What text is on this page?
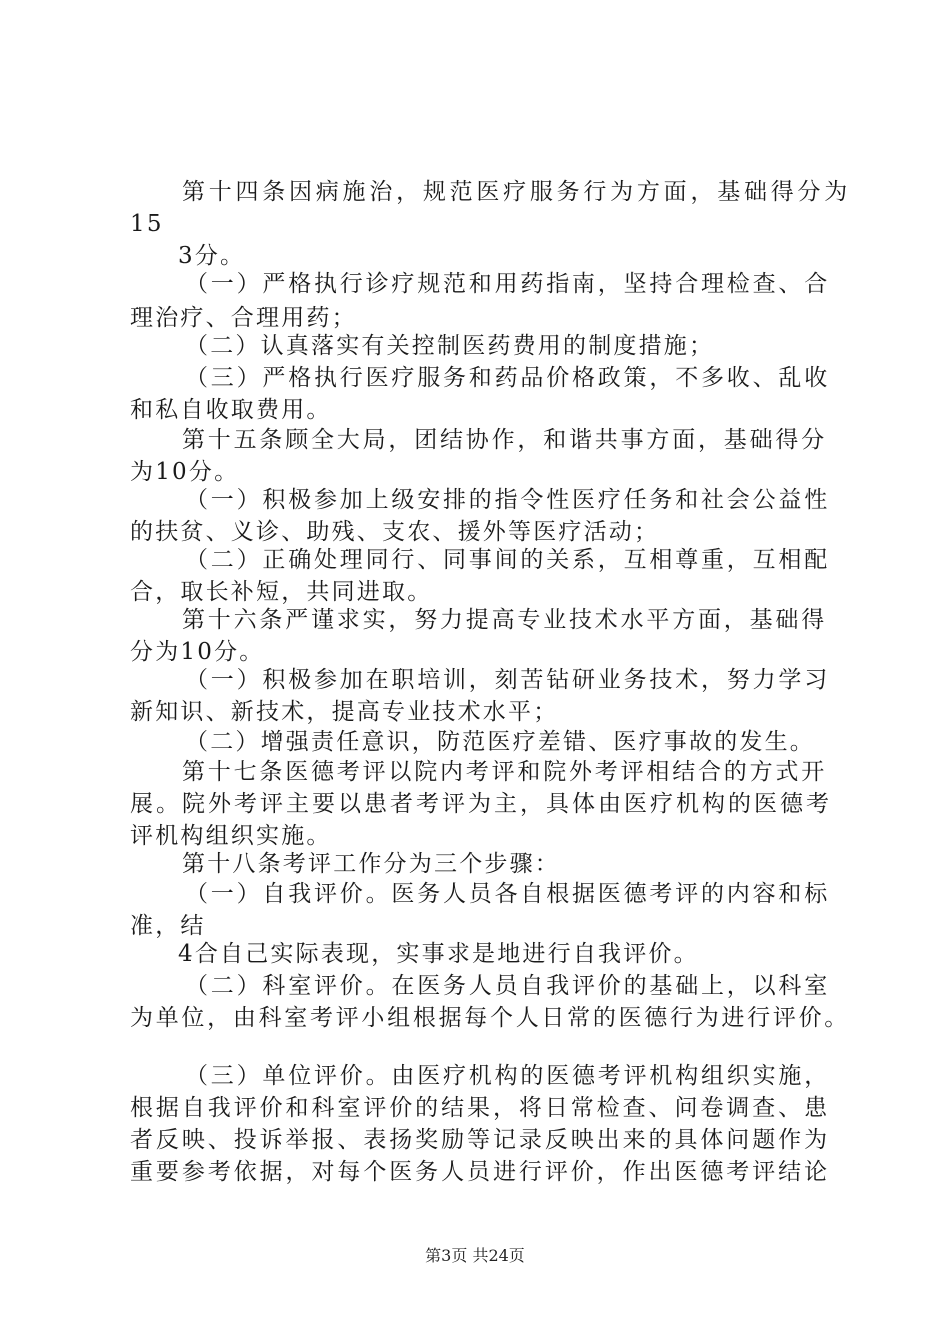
第十四条因病施治，规范医疗服务行为方面，基础得分为
15
3分。
（一）严格执行诊疗规范和用药指南，坚持合理检查、合
理治疗、合理用药；
（二）认真落实有关控制医药费用的制度措施；
（三）严格执行医疗服务和药品价格政策，不多收、乱收
和私自收取费用。
第十五条顾全大局，团结协作，和谐共事方面，基础得分
为10分。
（一）积极参加上级安排的指令性医疗任务和社会公益性
的扶贫、义诊、助残、支农、援外等医疗活动；
（二）正确处理同行、同事间的关系，互相尊重，互相配
合，取长补短，共同进取。
第十六条严谨求实，努力提高专业技术水平方面，基础得
分为10分。
（一）积极参加在职培训，刻苦钻研业务技术，努力学习
新知识、新技术，提高专业技术水平；
（二）增强责任意识，防范医疗差错、医疗事故的发生。
第十七条医德考评以院内考评和院外考评相结合的方式开
展。院外考评主要以患者考评为主，具体由医疗机构的医德考
评机构组织实施。
第十八条考评工作分为三个步骤：
（一）自我评价。医务人员各自根据医德考评的内容和标
准，结
4合自己实际表现，实事求是地进行自我评价。
（二）科室评价。在医务人员自我评价的基础上，以科室
为单位，由科室考评小组根据每个人日常的医德行为进行评价。
（三）单位评价。由医疗机构的医德考评机构组织实施，
根据自我评价和科室评价的结果，将日常检查、问卷调查、患
者反映、投诉举报、表扬奖励等记录反映出来的具体问题作为
重要参考依据，对每个医务人员进行评价，作出医德考评结论
第3页 共24页
